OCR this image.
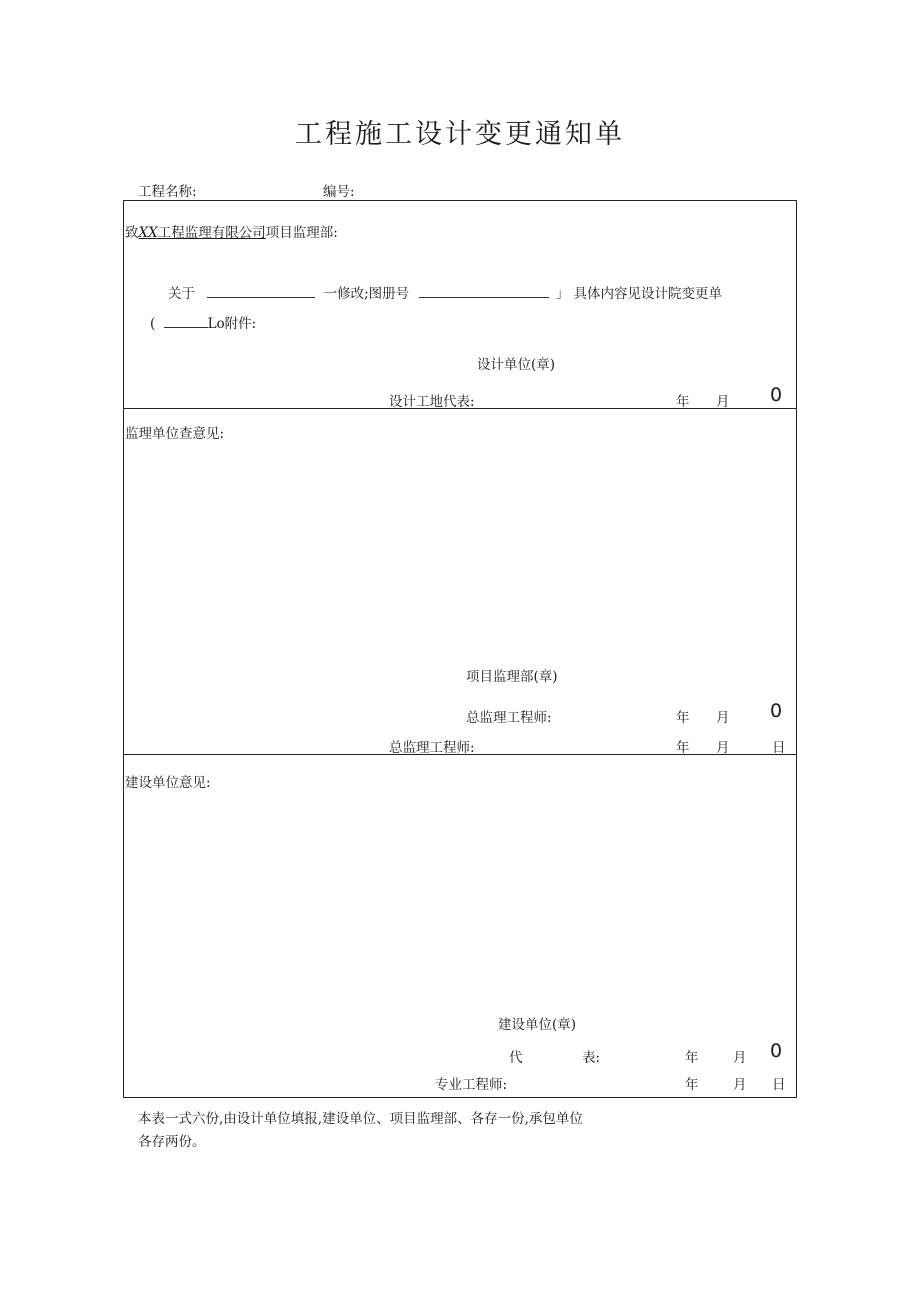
工程施工设计变更通知单
工程名称:	编号:
致XX工程监理有限公司项目监理部:
关于	一修改;图册号	」 具体内容见设计院变更单
(	Lo附件:
设计单位(章)
设计工地代表:	年 月 0
监理单位查意见:
项目监理部(章)
总监理工程师:	年 月 0
总监理工程师:	年 月	日
建设单位意见:
建设单位(章)
代	表:	年	月 0
专业工程师:	年	月 日
本表一式六份,由设计单位填报,建设单位、项目监理部、各存一份,承包单位
各存两份。
